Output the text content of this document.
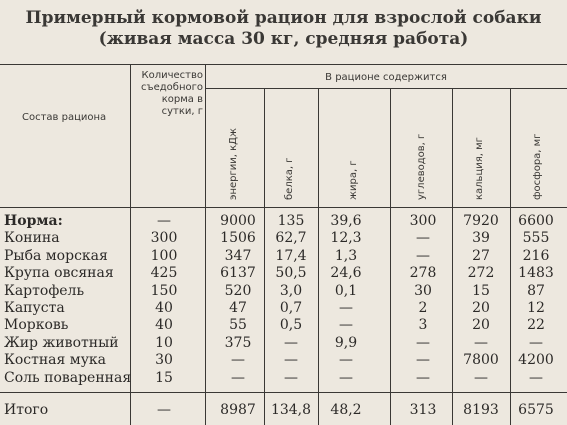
Примерный кормовой рацион для взрослой собаки
(живая масса 30 кг, средняя работа)
Состав рациона
Количество съедобного корма в сутки, г
В рационе содержится
энергии, кДж	белка, г	жира, г	углеводов, г	кальция, мг	фосфора, мг
Норма:	—	9000	135	39,6	300	7920	6600
Конина	300	1506	62,7	12,3	—	39	555
Рыба морская	100	347	17,4	1,3	—	27	216
Крупа овсяная	425	6137	50,5	24,6	278	272	1483
Картофель	150	520	3,0	0,1	30	15	87
Капуста	40	47	0,7	—	2	20	12
Морковь	40	55	0,5	—	3	20	22
Жир животный	10	375	—	9,9	—	—	—
Костная мука	30	—	—	—	—	7800	4200
Соль поваренная	15	—	—	—	—	—	—
Итого	—	8987	134,8	48,2	313	8193	6575
